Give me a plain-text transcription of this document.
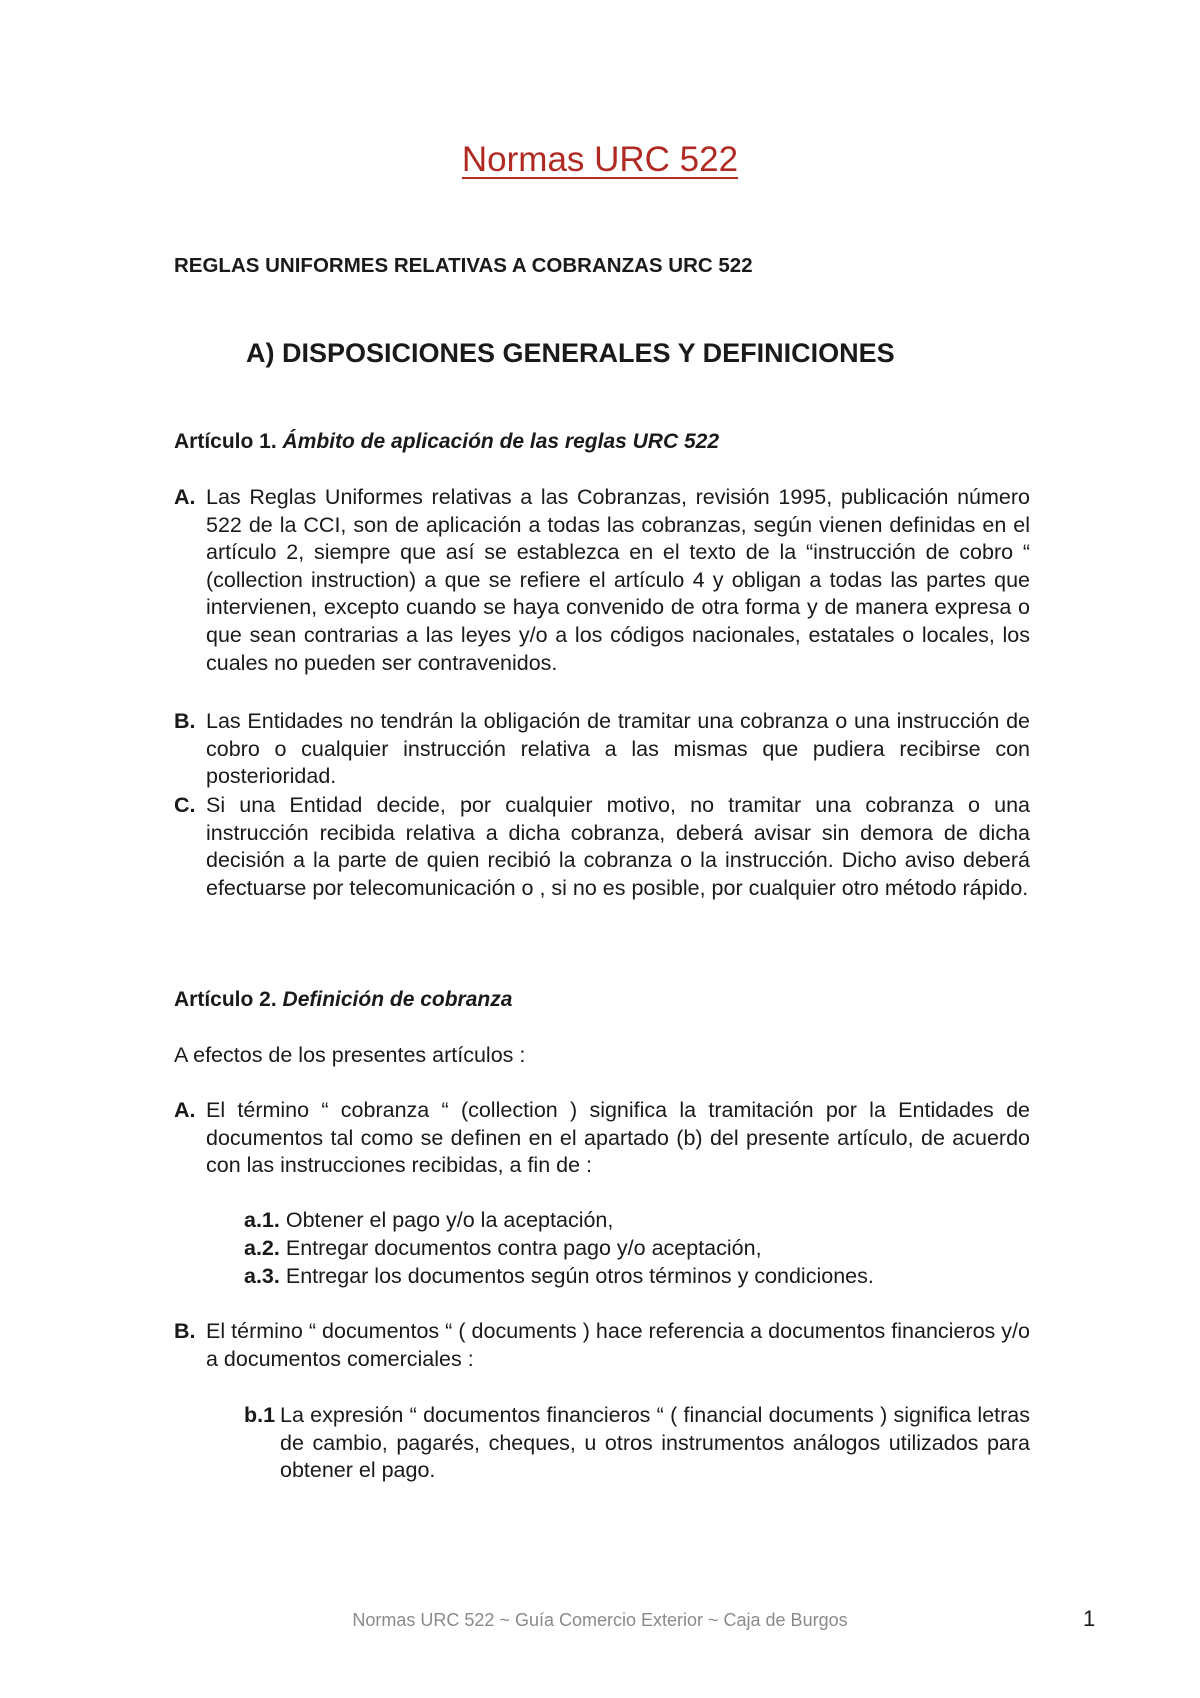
Normas URC 522
REGLAS UNIFORMES RELATIVAS A COBRANZAS URC 522
A) DISPOSICIONES GENERALES Y DEFINICIONES
Artículo 1. Ámbito de aplicación de las reglas URC 522
A. Las Reglas Uniformes relativas a las Cobranzas, revisión 1995, publicación número 522 de la CCI, son de aplicación a todas las cobranzas, según vienen definidas en el artículo 2, siempre que así se establezca en el texto de la “instrucción de cobro “ (collection instruction) a que se refiere el artículo 4 y obligan a todas las partes que intervienen, excepto cuando se haya convenido de otra forma y de manera expresa o que sean contrarias a las leyes y/o a los códigos nacionales, estatales o locales, los cuales no pueden ser contravenidos.
B. Las Entidades no tendrán la obligación de tramitar una cobranza o una instrucción de cobro o cualquier instrucción relativa a las mismas que pudiera recibirse con posterioridad.
C. Si una Entidad decide, por cualquier motivo, no tramitar una cobranza o una instrucción recibida relativa a dicha cobranza, deberá avisar sin demora de dicha decisión a la parte de quien recibió la cobranza o la instrucción. Dicho aviso deberá efectuarse por telecomunicación o , si no es posible, por cualquier otro método rápido.
Artículo 2. Definición de cobranza
A efectos de los presentes artículos :
A. El término “ cobranza “ (collection ) significa la tramitación por la Entidades de documentos tal como se definen en el apartado (b) del presente artículo, de acuerdo con las instrucciones recibidas, a fin de :
a.1. Obtener el pago y/o la aceptación,
a.2. Entregar documentos contra pago y/o aceptación,
a.3. Entregar los documentos según otros términos y condiciones.
B. El término “ documentos “ ( documents ) hace referencia a documentos financieros y/o a documentos comerciales :
b.1 La expresión “ documentos financieros “ ( financial documents ) significa letras de cambio, pagarés, cheques, u otros instrumentos análogos utilizados para obtener el pago.
Normas URC 522 ~ Guía Comercio Exterior ~ Caja de Burgos	1
